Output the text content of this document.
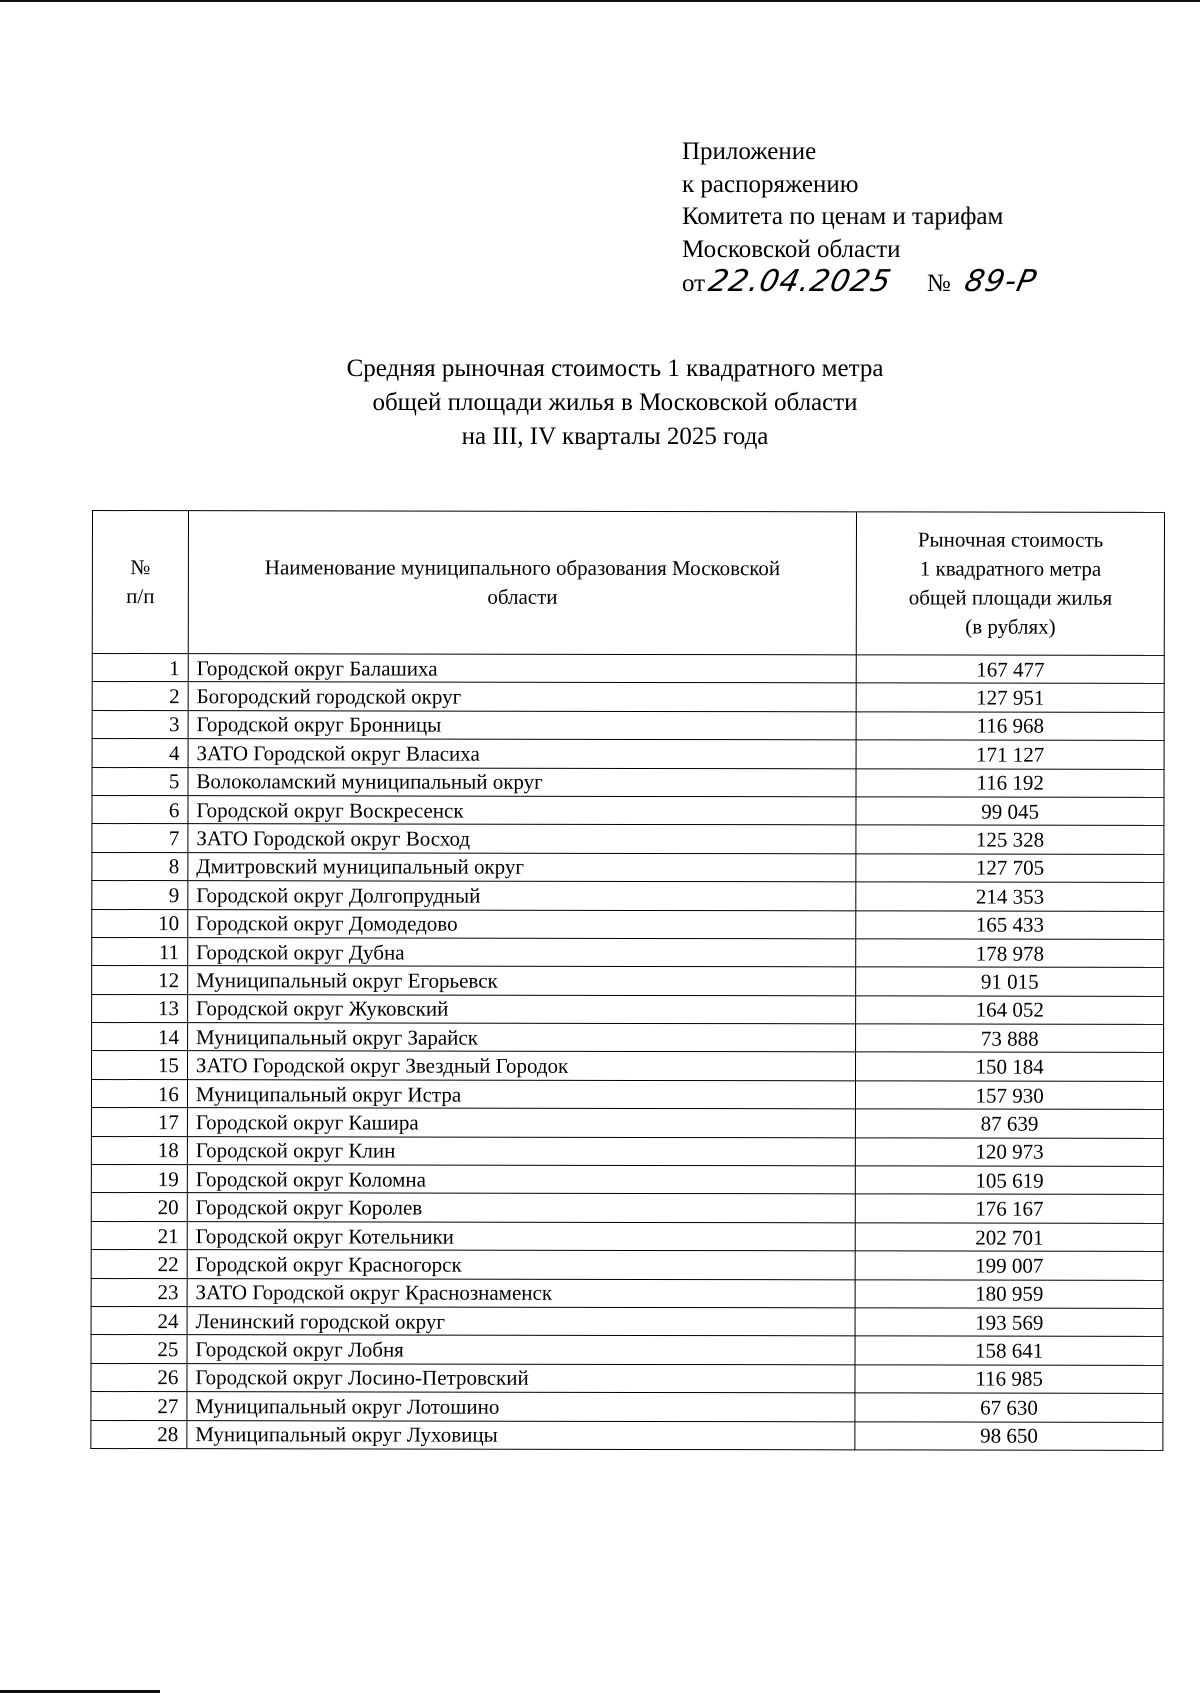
Приложение
к распоряжению
Комитета по ценам и тарифам
Московской области
от 22.04.2025 № 89-Р
Средняя рыночная стоимость 1 квадратного метра
общей площади жилья в Московской области
на III, IV кварталы 2025 года
№
п/п	Наименование муниципального образования Московской области	Рыночная стоимость
1 квадратного метра
общей площади жилья
(в рублях)

1	Городской округ Балашиха	167 477
2	Богородский городской округ	127 951
3	Городской округ Бронницы	116 968
4	ЗАТО Городской округ Власиха	171 127
5	Волоколамский муниципальный округ	116 192
6	Городской округ Воскресенск	99 045
7	ЗАТО Городской округ Восход	125 328
8	Дмитровский муниципальный округ	127 705
9	Городской округ Долгопрудный	214 353
10	Городской округ Домодедово	165 433
11	Городской округ Дубна	178 978
12	Муниципальный округ Егорьевск	91 015
13	Городской округ Жуковский	164 052
14	Муниципальный округ Зарайск	73 888
15	ЗАТО Городской округ Звездный Городок	150 184
16	Муниципальный округ Истра	157 930
17	Городской округ Кашира	87 639
18	Городской округ Клин	120 973
19	Городской округ Коломна	105 619
20	Городской округ Королев	176 167
21	Городской округ Котельники	202 701
22	Городской округ Красногорск	199 007
23	ЗАТО Городской округ Краснознаменск	180 959
24	Ленинский городской округ	193 569
25	Городской округ Лобня	158 641
26	Городской округ Лосино-Петровский	116 985
27	Муниципальный округ Лотошино	67 630
28	Муниципальный округ Луховицы	98 650
